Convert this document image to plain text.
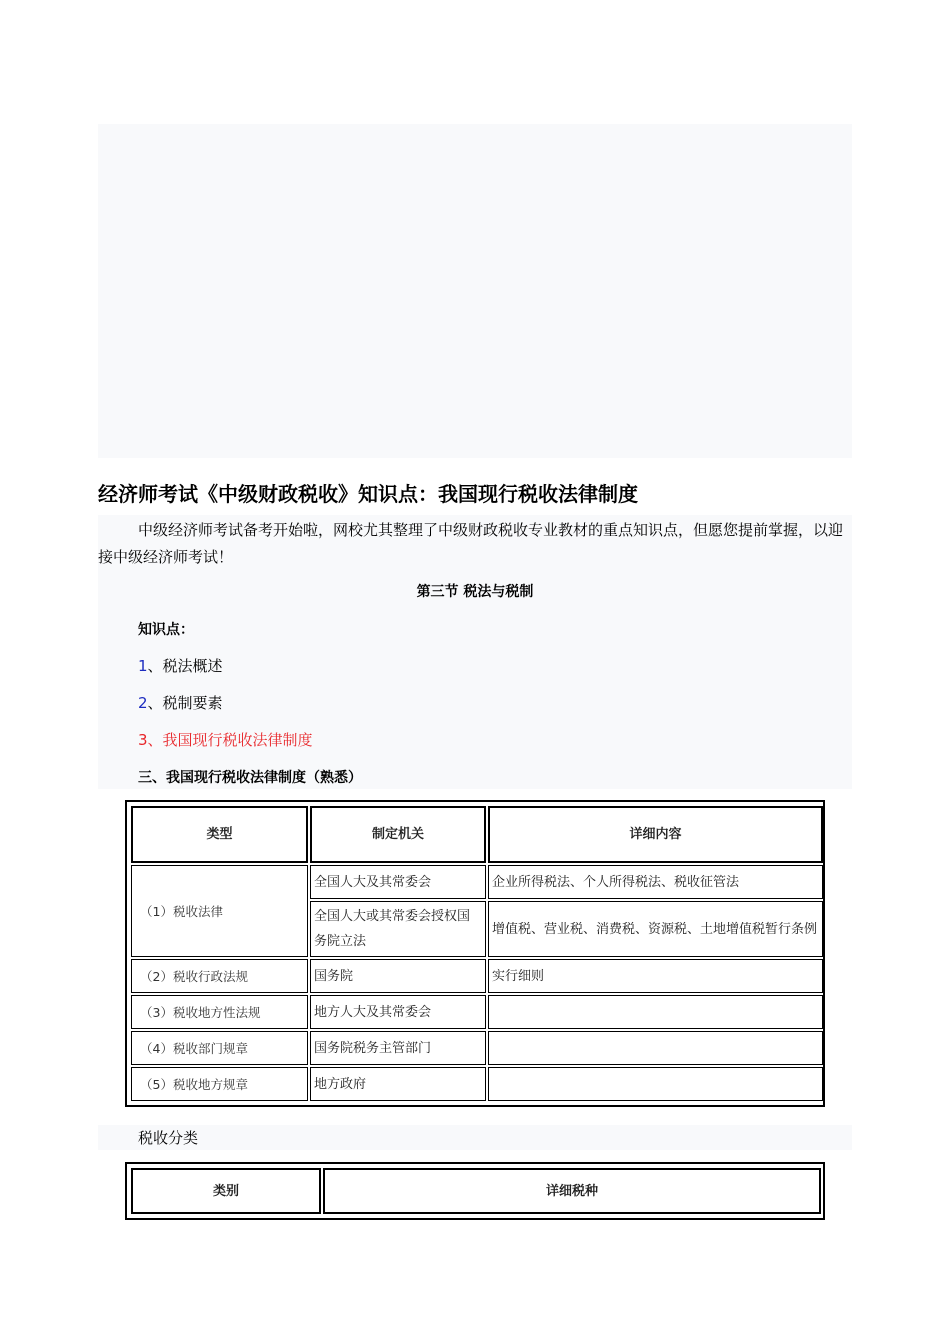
经济师考试《中级财政税收》知识点：我国现行税收法律制度
中级经济师考试备考开始啦，网校尤其整理了中级财政税收专业教材的重点知识点，但愿您提前掌握，以迎接中级经济师考试！
第三节 税法与税制
知识点：
1、税法概述
2、税制要素
3、我国现行税收法律制度
三、我国现行税收法律制度（熟悉）
类型	制定机关	详细内容
（1）税收法律	全国人大及其常委会	企业所得税法、个人所得税法、税收征管法
	全国人大或其常委会授权国务院立法	增值税、营业税、消费税、资源税、土地增值税暂行条例
（2）税收行政法规	国务院	实行细则
（3）税收地方性法规	地方人大及其常委会	
（4）税收部门规章	国务院税务主管部门	
（5）税收地方规章	地方政府	
税收分类
类别	详细税种
